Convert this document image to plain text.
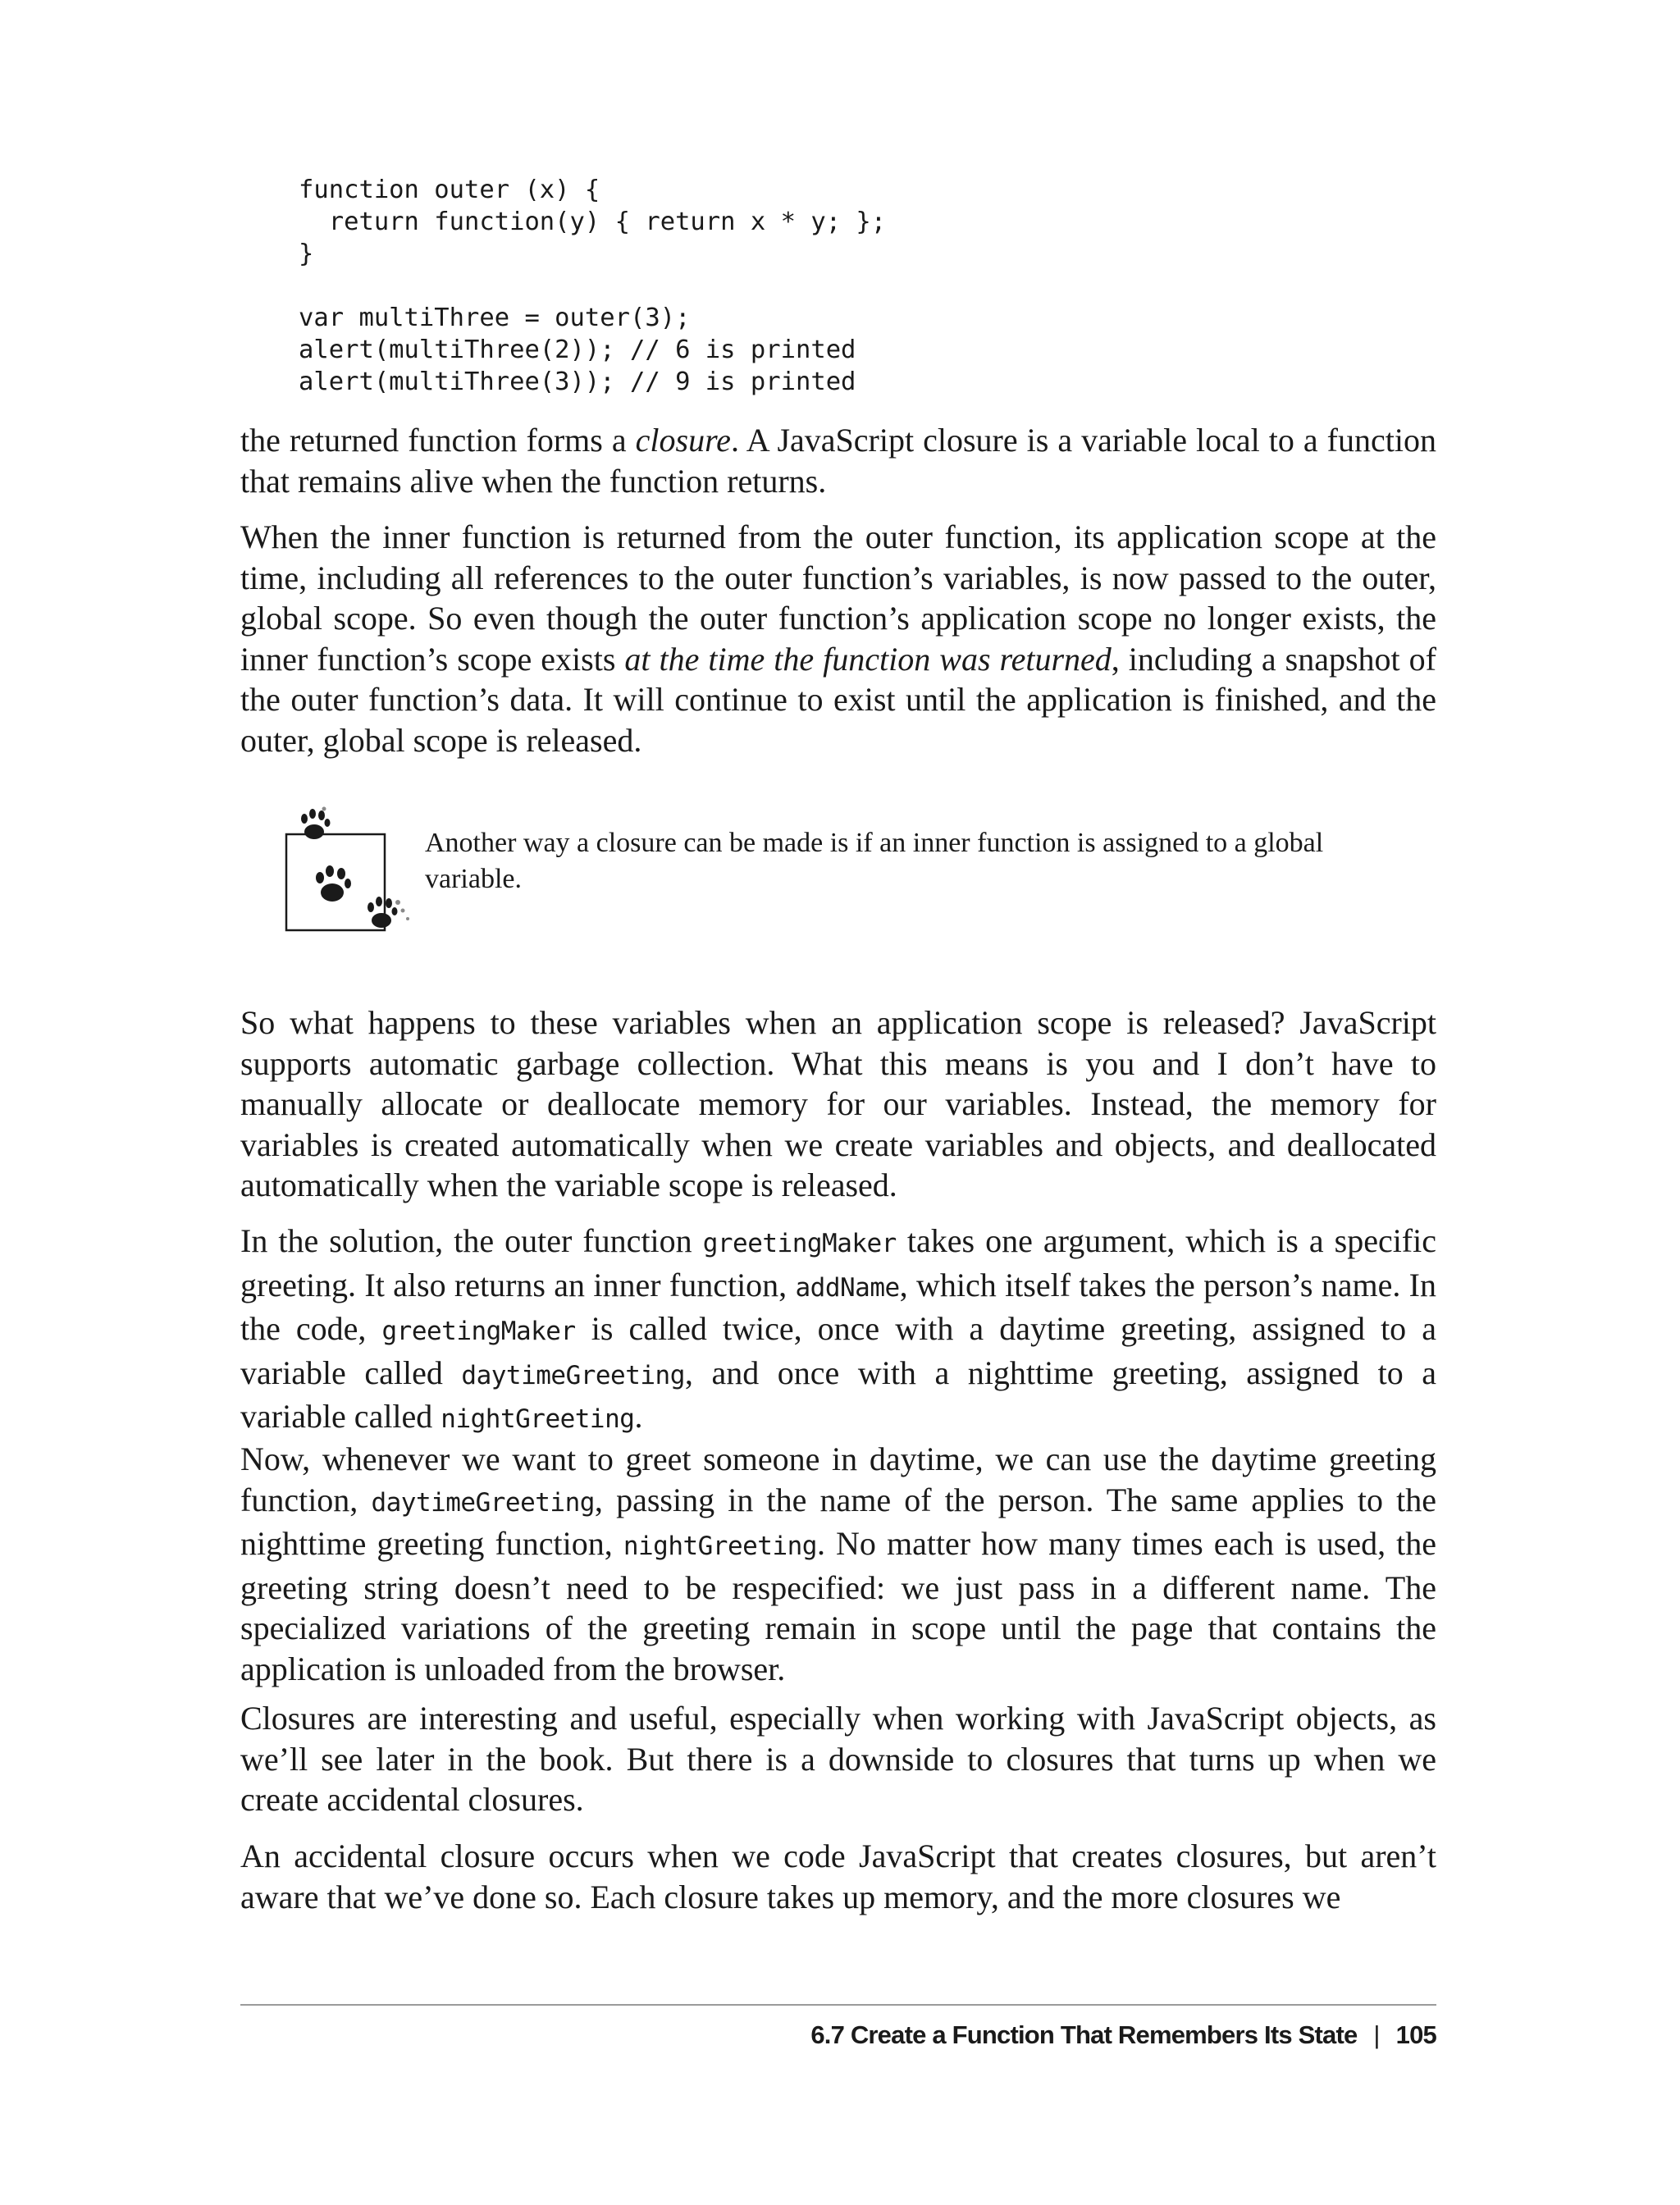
function outer (x) {
return function(y) { return x * y; };
}
var multiThree = outer(3);
alert(multiThree(2)); // 6 is printed
alert(multiThree(3)); // 9 is printed

the returned function forms a closure. A JavaScript closure is a variable local to a function that remains alive when the function returns.

When the inner function is returned from the outer function, its application scope at the time, including all references to the outer function’s variables, is now passed to the outer, global scope. So even though the outer function’s application scope no longer exists, the inner function’s scope exists at the time the function was returned, including a snapshot of the outer function’s data. It will continue to exist until the application is finished, and the outer, global scope is released.

Another way a closure can be made is if an inner function is assigned to a global variable.

So what happens to these variables when an application scope is released? JavaScript supports automatic garbage collection. What this means is you and I don’t have to manually allocate or deallocate memory for our variables. Instead, the memory for variables is created automatically when we create variables and objects, and deallocated automatically when the variable scope is released.

In the solution, the outer function greetingMaker takes one argument, which is a specific greeting. It also returns an inner function, addName, which itself takes the person’s name. In the code, greetingMaker is called twice, once with a daytime greeting, assigned to a variable called daytimeGreeting, and once with a nighttime greeting, assigned to a variable called nightGreeting.

Now, whenever we want to greet someone in daytime, we can use the daytime greeting function, daytimeGreeting, passing in the name of the person. The same applies to the nighttime greeting function, nightGreeting. No matter how many times each is used, the greeting string doesn’t need to be respecified: we just pass in a different name. The specialized variations of the greeting remain in scope until the page that contains the application is unloaded from the browser.

Closures are interesting and useful, especially when working with JavaScript objects, as we’ll see later in the book. But there is a downside to closures that turns up when we create accidental closures.

An accidental closure occurs when we code JavaScript that creates closures, but aren’t aware that we’ve done so. Each closure takes up memory, and the more closures we

6.7 Create a Function That Remembers Its State | 105
